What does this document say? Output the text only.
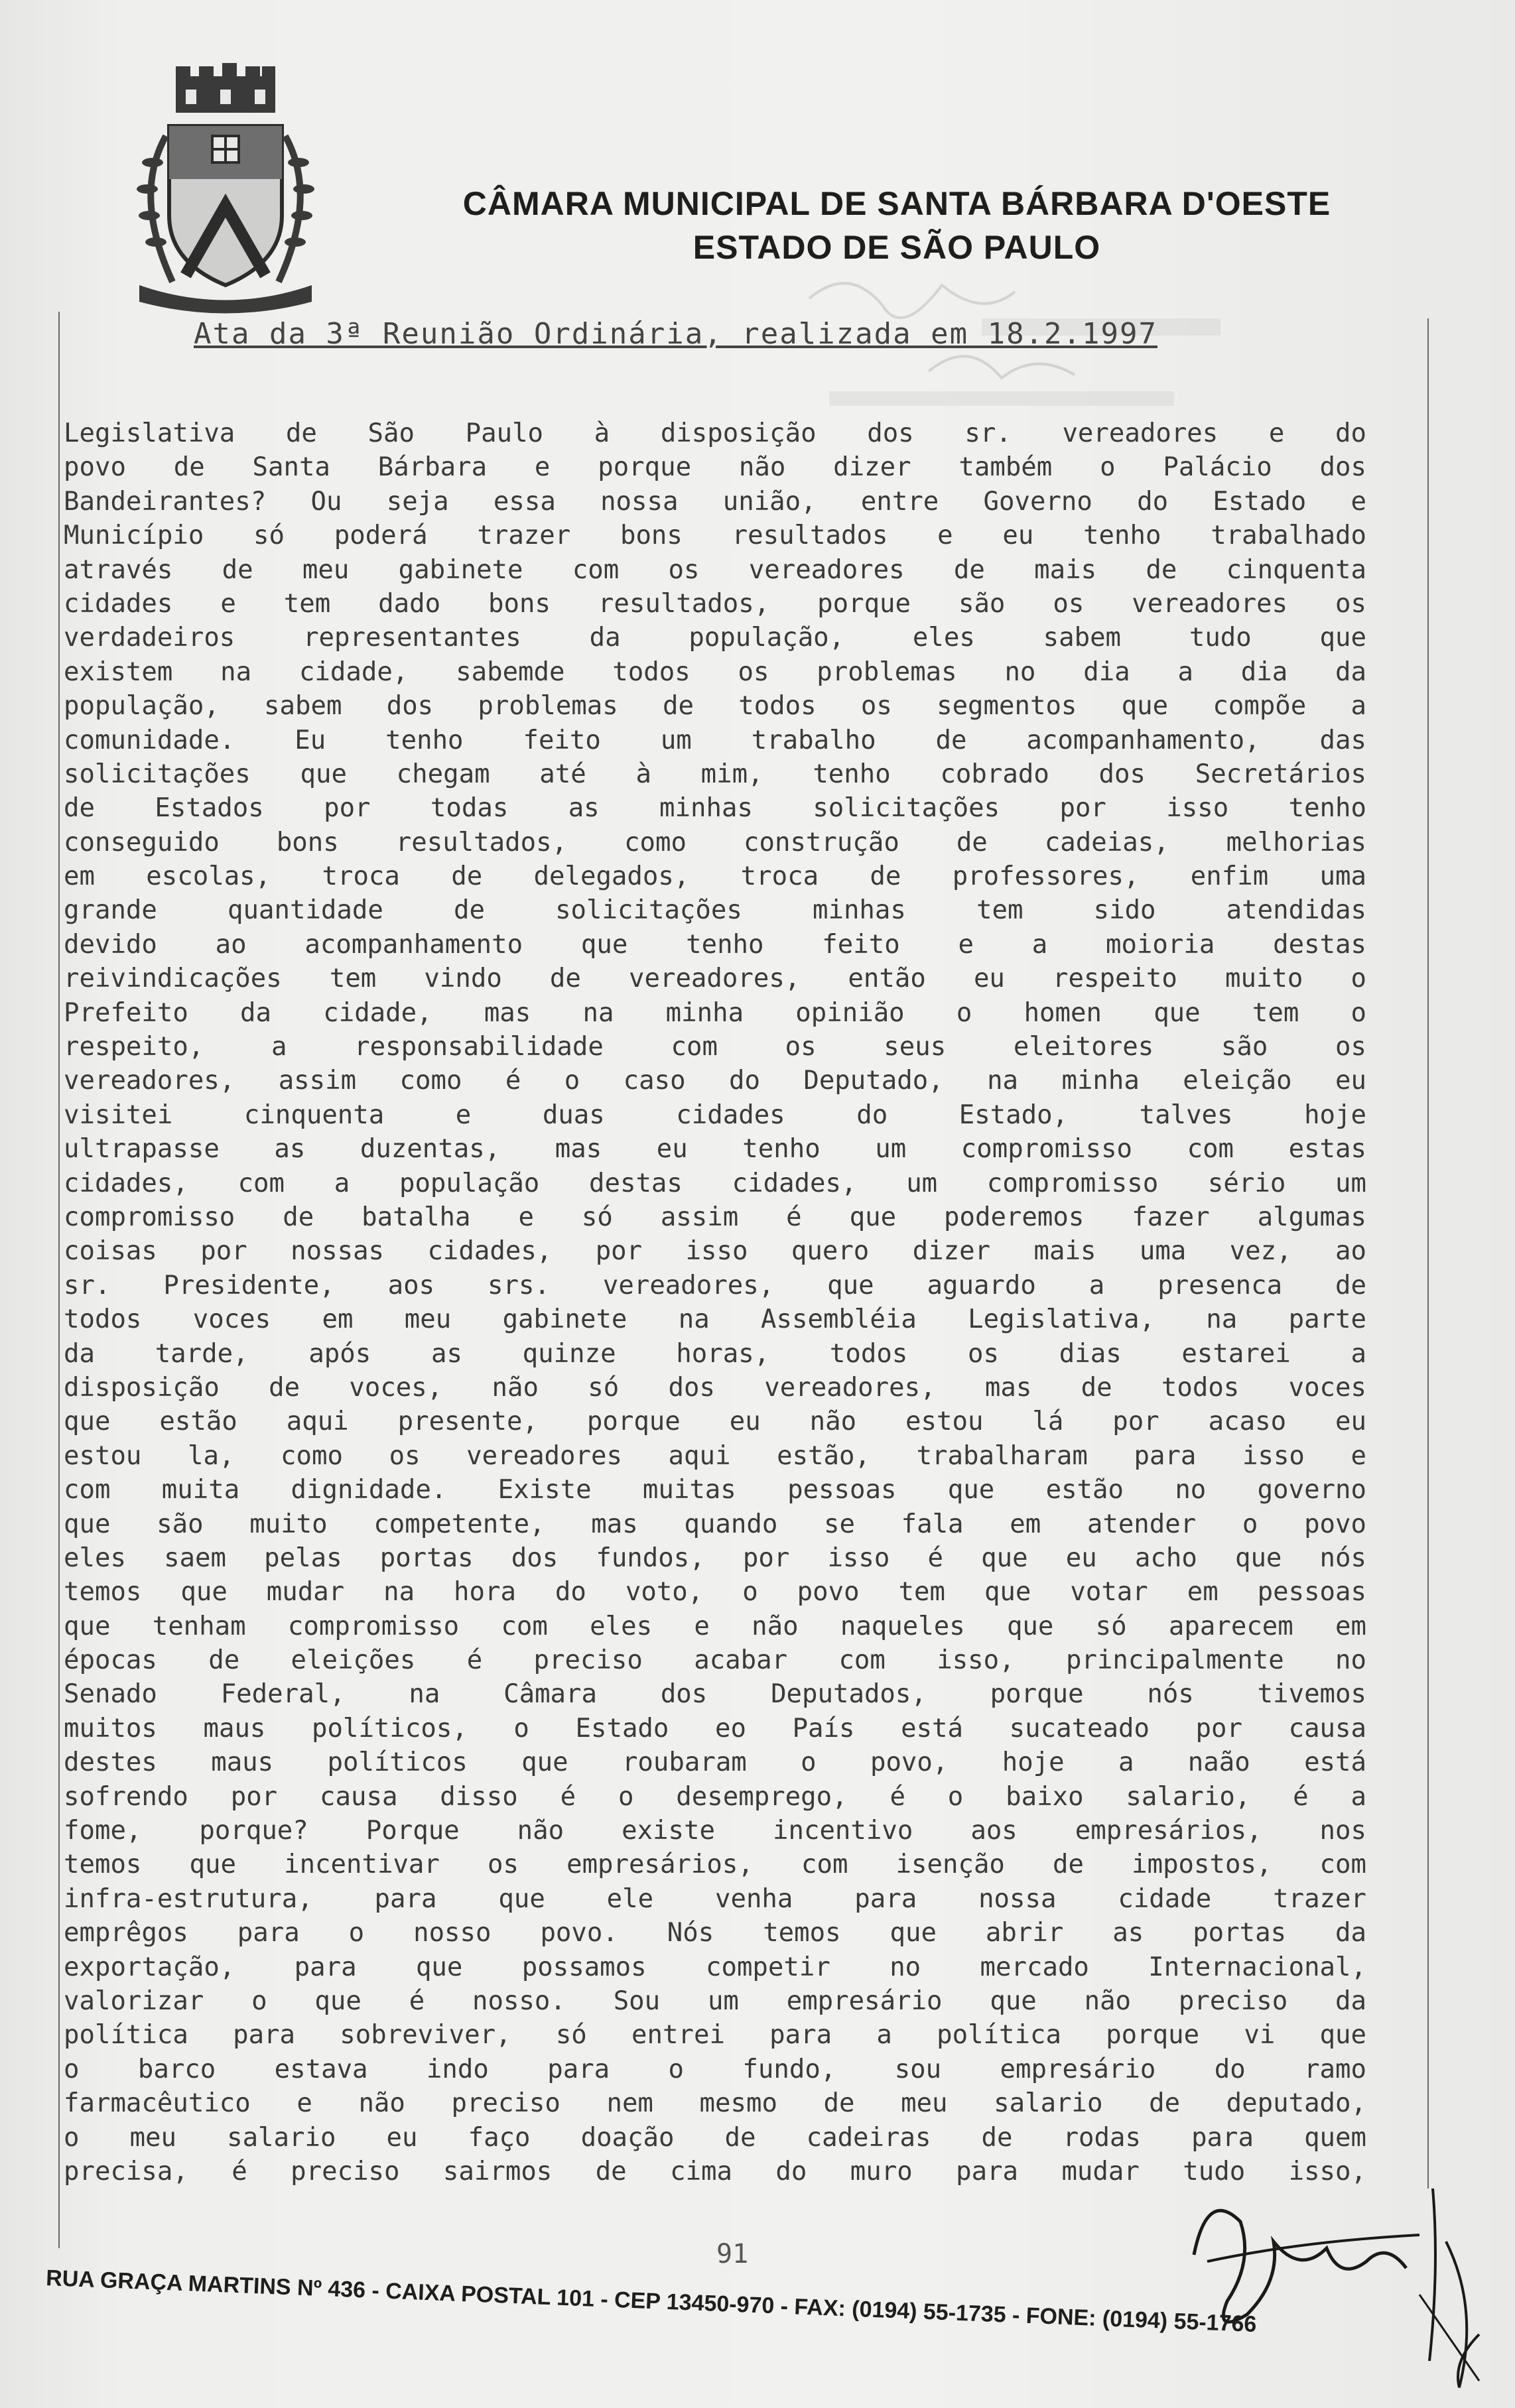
CÂMARA MUNICIPAL DE SANTA BÁRBARA D'OESTE
ESTADO DE SÃO PAULO
Ata da 3ª Reunião Ordinária, realizada em 18.2.1997
Legislativa de São Paulo à disposição dos sr. vereadores e do
povo de Santa Bárbara e porque não dizer também o Palácio dos
Bandeirantes? Ou seja essa nossa união, entre Governo do Estado e
Município só poderá trazer bons resultados e eu tenho trabalhado
através de meu gabinete com os vereadores de mais de cinquenta
cidades e tem dado bons resultados, porque são os vereadores os
verdadeiros representantes da população, eles sabem tudo que
existem na cidade, sabemde todos os problemas no dia a dia da
população, sabem dos problemas de todos os segmentos que compõe a
comunidade. Eu tenho feito um trabalho de acompanhamento, das
solicitações que chegam até à mim, tenho cobrado dos Secretários
de Estados por todas as minhas solicitações por isso tenho
conseguido bons resultados, como construção de cadeias, melhorias
em escolas, troca de delegados, troca de professores, enfim uma
grande quantidade de solicitações minhas tem sido atendidas
devido ao acompanhamento que tenho feito e a moioria destas
reivindicações tem vindo de vereadores, então eu respeito muito o
Prefeito da cidade, mas na minha opinião o homen que tem o
respeito, a responsabilidade com os seus eleitores são os
vereadores, assim como é o caso do Deputado, na minha eleição eu
visitei cinquenta e duas cidades do Estado, talves hoje
ultrapasse as duzentas, mas eu tenho um compromisso com estas
cidades, com a população destas cidades, um compromisso sério um
compromisso de batalha e só assim é que poderemos fazer algumas
coisas por nossas cidades, por isso quero dizer mais uma vez, ao
sr. Presidente, aos srs. vereadores, que aguardo a presenca de
todos voces em meu gabinete na Assembléia Legislativa, na parte
da tarde, após as quinze horas, todos os dias estarei a
disposição de voces, não só dos vereadores, mas de todos voces
que estão aqui presente, porque eu não estou lá por acaso eu
estou la, como os vereadores aqui estão, trabalharam para isso e
com muita dignidade. Existe muitas pessoas que estão no governo
que são muito competente, mas quando se fala em atender o povo
eles saem pelas portas dos fundos, por isso é que eu acho que nós
temos que mudar na hora do voto, o povo tem que votar em pessoas
que tenham compromisso com eles e não naqueles que só aparecem em
épocas de eleições é preciso acabar com isso, principalmente no
Senado Federal, na Câmara dos Deputados, porque nós tivemos
muitos maus políticos, o Estado eo País está sucateado por causa
destes maus políticos que roubaram o povo, hoje a naão está
sofrendo por causa disso é o desemprego, é o baixo salario, é a
fome, porque? Porque não existe incentivo aos empresários, nos
temos que incentivar os empresários, com isenção de impostos, com
infra-estrutura, para que ele venha para nossa cidade trazer
emprêgos para o nosso povo. Nós temos que abrir as portas da
exportação, para que possamos competir no mercado Internacional,
valorizar o que é nosso. Sou um empresário que não preciso da
política para sobreviver, só entrei para a política porque vi que
o barco estava indo para o fundo, sou empresário do ramo
farmacêutico e não preciso nem mesmo de meu salario de deputado,
o meu salario eu faço doação de cadeiras de rodas para quem
precisa, é preciso sairmos de cima do muro para mudar tudo isso,
91
RUA GRAÇA MARTINS Nº 436 - CAIXA POSTAL 101 - CEP 13450-970 - FAX: (0194) 55-1735 - FONE: (0194) 55-1766
